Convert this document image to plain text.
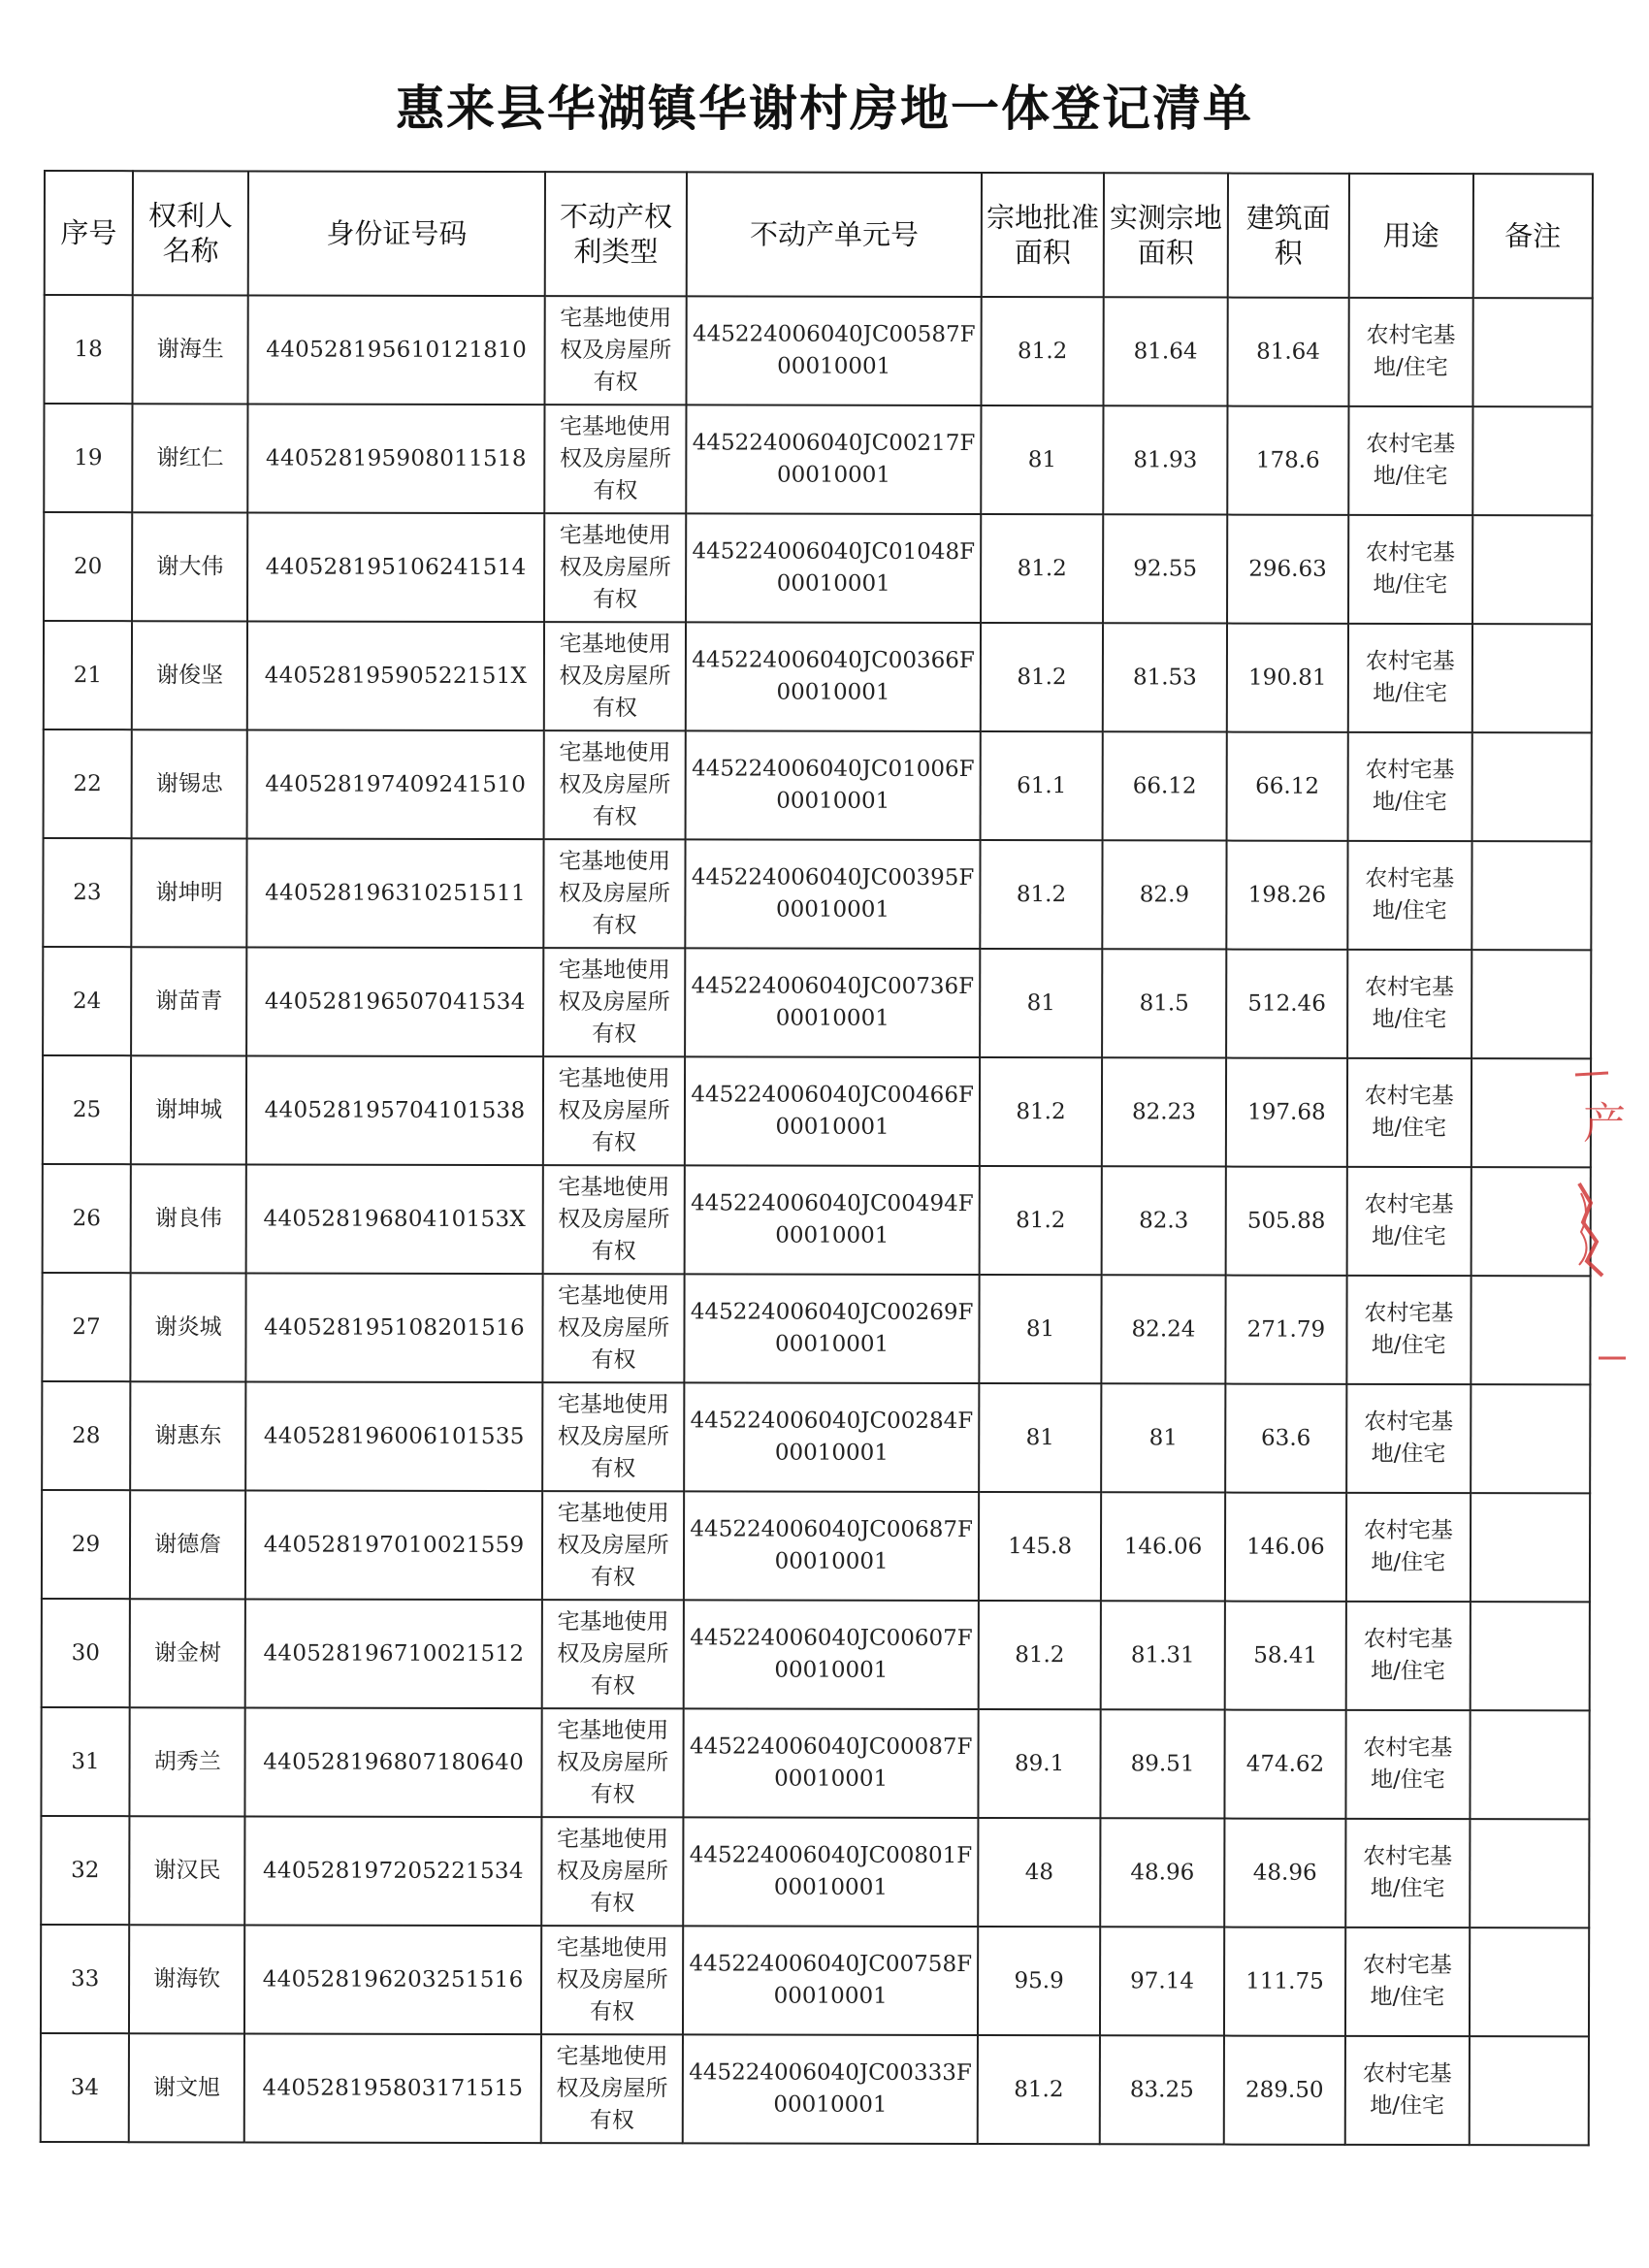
惠来县华湖镇华谢村房地一体登记清单
序号	权利人名称	身份证号码	不动产权利类型	不动产单元号	宗地批准面积	实测宗地面积	建筑面积	用途	备注
18	谢海生	440528195610121810	宅基地使用权及房屋所有权	445224006040JC00587F00010001	81.2	81.64	81.64	农村宅基地/住宅	
19	谢红仁	440528195908011518	宅基地使用权及房屋所有权	445224006040JC00217F00010001	81	81.93	178.6	农村宅基地/住宅	
20	谢大伟	440528195106241514	宅基地使用权及房屋所有权	445224006040JC01048F00010001	81.2	92.55	296.63	农村宅基地/住宅	
21	谢俊坚	44052819590522151X	宅基地使用权及房屋所有权	445224006040JC00366F00010001	81.2	81.53	190.81	农村宅基地/住宅	
22	谢锡忠	440528197409241510	宅基地使用权及房屋所有权	445224006040JC01006F00010001	61.1	66.12	66.12	农村宅基地/住宅	
23	谢坤明	440528196310251511	宅基地使用权及房屋所有权	445224006040JC00395F00010001	81.2	82.9	198.26	农村宅基地/住宅	
24	谢苗青	440528196507041534	宅基地使用权及房屋所有权	445224006040JC00736F00010001	81	81.5	512.46	农村宅基地/住宅	
25	谢坤城	440528195704101538	宅基地使用权及房屋所有权	445224006040JC00466F00010001	81.2	82.23	197.68	农村宅基地/住宅	
26	谢良伟	44052819680410153X	宅基地使用权及房屋所有权	445224006040JC00494F00010001	81.2	82.3	505.88	农村宅基地/住宅	
27	谢炎城	440528195108201516	宅基地使用权及房屋所有权	445224006040JC00269F00010001	81	82.24	271.79	农村宅基地/住宅	
28	谢惠东	440528196006101535	宅基地使用权及房屋所有权	445224006040JC00284F00010001	81	81	63.6	农村宅基地/住宅	
29	谢德詹	440528197010021559	宅基地使用权及房屋所有权	445224006040JC00687F00010001	145.8	146.06	146.06	农村宅基地/住宅	
30	谢金树	440528196710021512	宅基地使用权及房屋所有权	445224006040JC00607F00010001	81.2	81.31	58.41	农村宅基地/住宅	
31	胡秀兰	440528196807180640	宅基地使用权及房屋所有权	445224006040JC00087F00010001	89.1	89.51	474.62	农村宅基地/住宅	
32	谢汉民	440528197205221534	宅基地使用权及房屋所有权	445224006040JC00801F00010001	48	48.96	48.96	农村宅基地/住宅	
33	谢海钦	440528196203251516	宅基地使用权及房屋所有权	445224006040JC00758F00010001	95.9	97.14	111.75	农村宅基地/住宅	
34	谢文旭	440528195803171515	宅基地使用权及房屋所有权	445224006040JC00333F00010001	81.2	83.25	289.50	农村宅基地/住宅	
产
